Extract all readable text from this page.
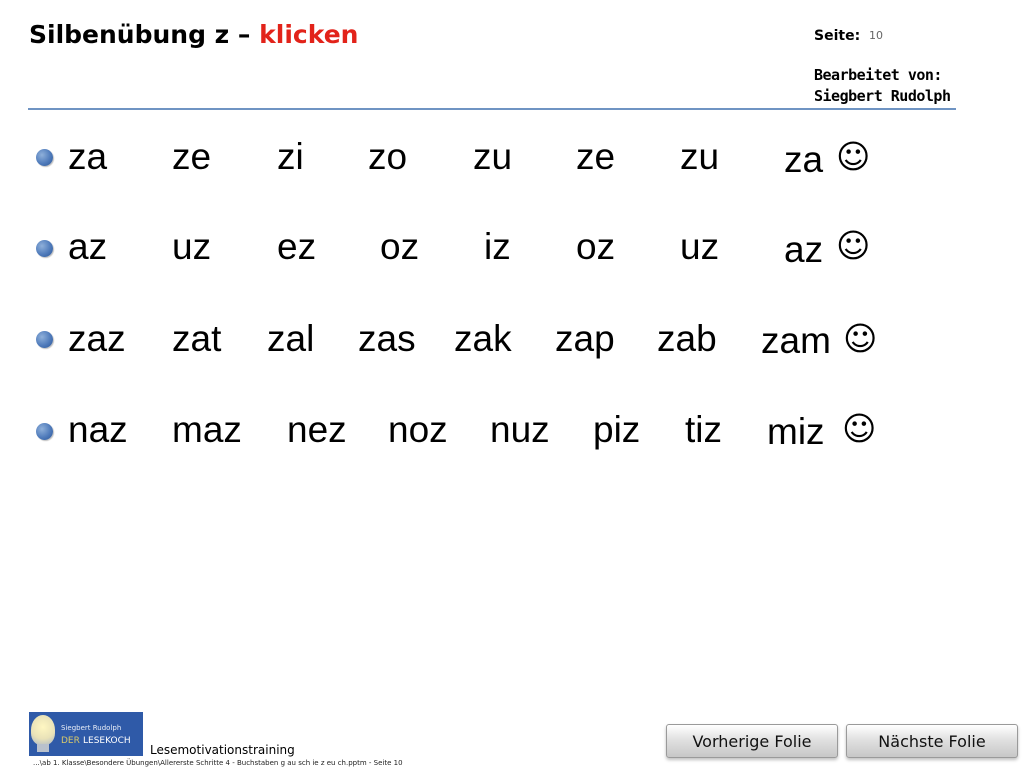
Silbenübung z – klicken	Seite: 10
Bearbeitet von:
Siegbert Rudolph
za ze zi zo zu ze zu za ☺
az uz ez oz iz oz uz az ☺
zaz zat zal zas zak zap zab zam ☺
naz maz nez noz nuz piz tiz miz ☺
Siegbert Rudolph
DER LESEKOCH
Lesemotivationstraining
...\ab 1. Klasse\Besondere Übungen\Allererste Schritte 4 - Buchstaben g au sch ie z eu ch.pptm - Seite 10
Vorherige Folie	Nächste Folie
